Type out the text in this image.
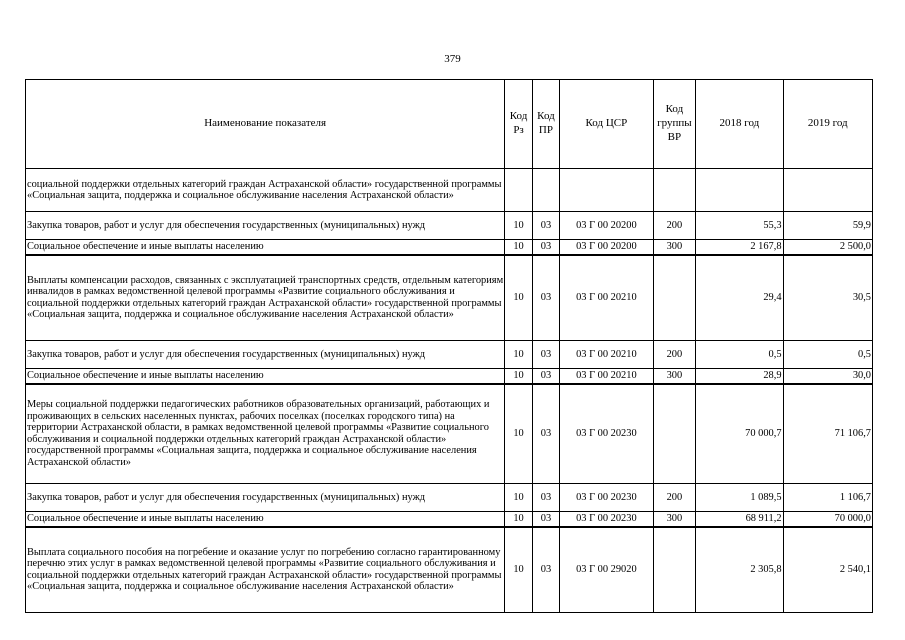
379
Наименование показателя	Код Рз	Код ПР	Код ЦСР	Код группы ВР	2018 год	2019 год
социальной поддержки отдельных категорий граждан Астраханской области» государственной программы «Социальная защита, поддержка и социальное обслуживание населения Астраханской области»						
Закупка товаров, работ и услуг для обеспечения государственных (муниципальных) нужд	10	03	03 Г 00 20200	200	55,3	59,9
Социальное обеспечение и иные выплаты населению	10	03	03 Г 00 20200	300	2 167,8	2 500,0
Выплаты компенсации расходов, связанных с эксплуатацией транспортных средств, отдельным категориям инвалидов в рамках ведомственной целевой программы «Развитие социального обслуживания и социальной поддержки отдельных категорий граждан Астраханской области» государственной программы «Социальная защита, поддержка и социальное обслуживание населения Астраханской области»	10	03	03 Г 00 20210		29,4	30,5
Закупка товаров, работ и услуг для обеспечения государственных (муниципальных) нужд	10	03	03 Г 00 20210	200	0,5	0,5
Социальное обеспечение и иные выплаты населению	10	03	03 Г 00 20210	300	28,9	30,0
Меры социальной поддержки педагогических работников образовательных организаций, работающих и проживающих в сельских населенных пунктах, рабочих поселках (поселках городского типа) на территории Астраханской области, в рамках ведомственной целевой программы «Развитие социального обслуживания и социальной поддержки отдельных категорий граждан Астраханской области» государственной программы «Социальная защита, поддержка и социальное обслуживание населения Астраханской области»	10	03	03 Г 00 20230		70 000,7	71 106,7
Закупка товаров, работ и услуг для обеспечения государственных (муниципальных) нужд	10	03	03 Г 00 20230	200	1 089,5	1 106,7
Социальное обеспечение и иные выплаты населению	10	03	03 Г 00 20230	300	68 911,2	70 000,0
Выплата социального пособия на погребение и оказание услуг по погребению согласно гарантированному перечню этих услуг в рамках ведомственной целевой программы «Развитие социального обслуживания и социальной поддержки отдельных категорий граждан Астраханской области» государственной программы «Социальная защита, поддержка и социальное обслуживание населения Астраханской области»	10	03	03 Г 00 29020		2 305,8	2 540,1
